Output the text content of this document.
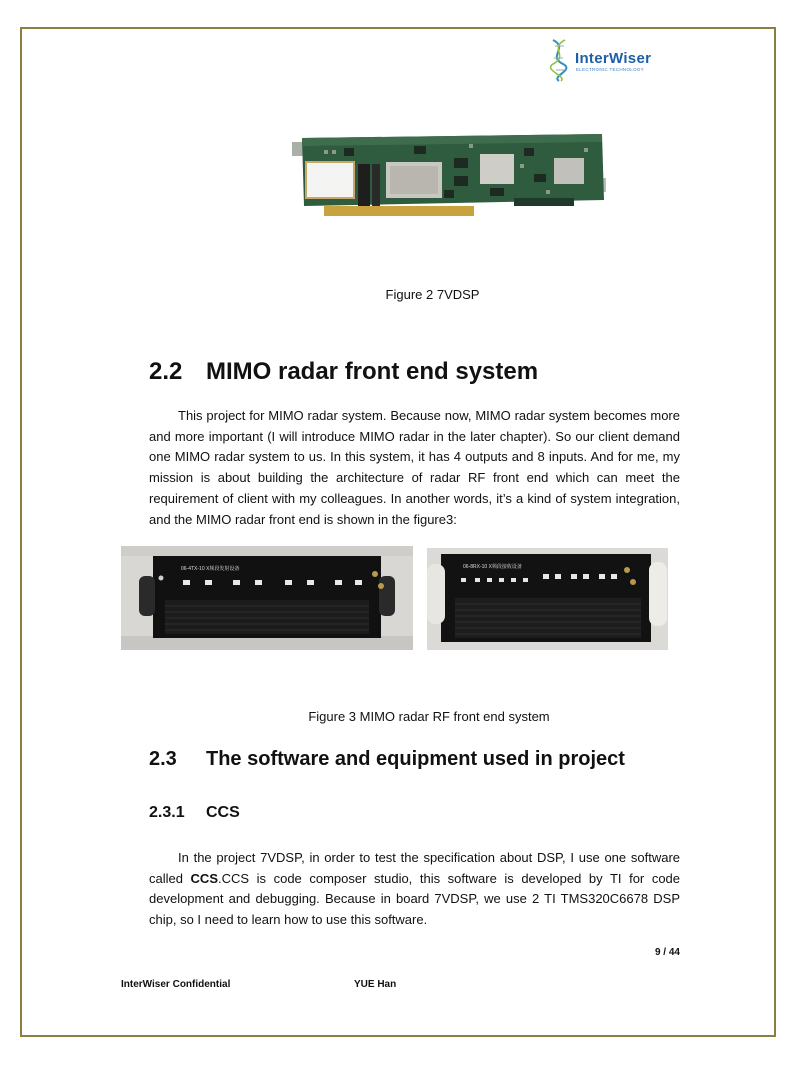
InterWiser
ELECTRONIC TECHNOLOGY
Figure 2 7VDSP
2.2 MIMO radar front end system

This project for MIMO radar system. Because now, MIMO radar system becomes more and more important (I will introduce MIMO radar in the later chapter). So our client demand one MIMO radar system to us. In this system, it has 4 outputs and 8 inputs. And for me, my mission is about building the architecture of radar RF front end which can meet the requirement of client with my colleagues. In another words, it’s a kind of system integration, and the MIMO radar front end is shown in the figure3:

06-4TX-10 X频段发射设备	06-8RX-10 X频段接收设备
Figure 3 MIMO radar RF front end system
2.3 The software and equipment used in project
2.3.1 CCS

In the project 7VDSP, in order to test the specification about DSP, I use one software called CCS.CCS is code composer studio, this software is developed by TI for code development and debugging. Because in board 7VDSP, we use 2 TI TMS320C6678 DSP chip, so I need to learn how to use this software.

9 / 44
InterWiser Confidential	YUE Han
